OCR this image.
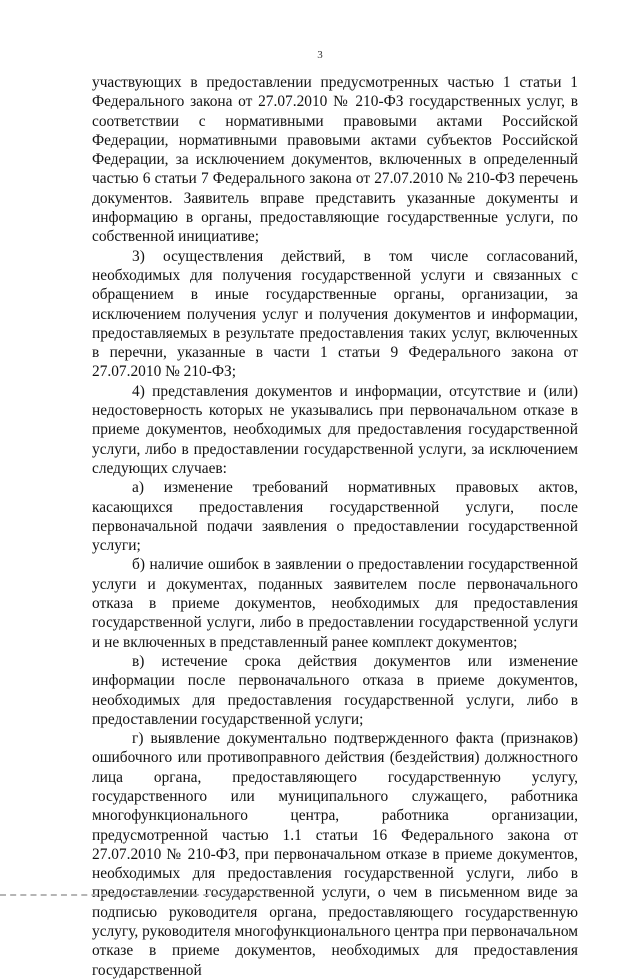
3

участвующих в предоставлении предусмотренных частью 1 статьи 1 Федерального закона от 27.07.2010 № 210-ФЗ государственных услуг, в соответствии с нормативными правовыми актами Российской Федерации, нормативными правовыми актами субъектов Российской Федерации, за исключением документов, включенных в определенный частью 6 статьи 7 Федерального закона от 27.07.2010 № 210-ФЗ перечень документов. Заявитель вправе представить указанные документы и информацию в органы, предоставляющие государственные услуги, по собственной инициативе;

3) осуществления действий, в том числе согласований, необходимых для получения государственной услуги и связанных с обращением в иные государственные органы, организации, за исключением получения услуг и получения документов и информации, предоставляемых в результате предоставления таких услуг, включенных в перечни, указанные в части 1 статьи 9 Федерального закона от 27.07.2010 № 210-ФЗ;

4) представления документов и информации, отсутствие и (или) недостоверность которых не указывались при первоначальном отказе в приеме документов, необходимых для предоставления государственной услуги, либо в предоставлении государственной услуги, за исключением следующих случаев:

а) изменение требований нормативных правовых актов, касающихся предоставления государственной услуги, после первоначальной подачи заявления о предоставлении государственной услуги;

б) наличие ошибок в заявлении о предоставлении государственной услуги и документах, поданных заявителем после первоначального отказа в приеме документов, необходимых для предоставления государственной услуги, либо в предоставлении государственной услуги и не включенных в представленный ранее комплект документов;

в) истечение срока действия документов или изменение информации после первоначального отказа в приеме документов, необходимых для предоставления государственной услуги, либо в предоставлении государственной услуги;

г) выявление документально подтвержденного факта (признаков) ошибочного или противоправного действия (бездействия) должностного лица органа, предоставляющего государственную услугу, государственного или муниципального служащего, работника многофункционального центра, работника организации, предусмотренной частью 1.1 статьи 16 Федерального закона от 27.07.2010 № 210-ФЗ, при первоначальном отказе в приеме документов, необходимых для предоставления государственной услуги, либо в предоставлении государственной услуги, о чем в письменном виде за подписью руководителя органа, предоставляющего государственную услугу, руководителя многофункционального центра при первоначальном отказе в приеме документов, необходимых для предоставления государственной
